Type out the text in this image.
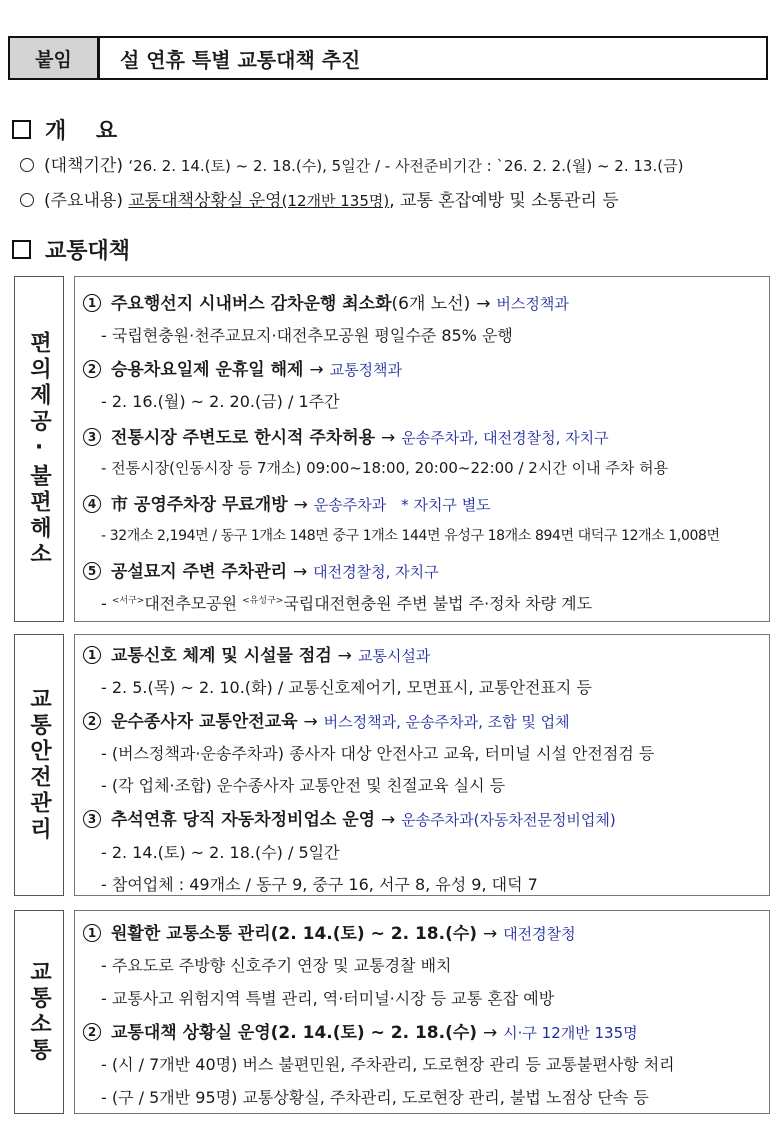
붙임	설 연휴 특별 교통대책 추진
개　 요
(대책기간) ‘26. 2. 14.(토) ~ 2. 18.(수), 5일간 / - 사전준비기간 : `26. 2. 2.(월) ~ 2. 13.(금)
(주요내용) 교통대책상황실 운영(12개반 135명), 교통 혼잡예방 및 소통관리 등
교통대책
편의제공·불편해소
1 주요행선지 시내버스 감차운행 최소화(6개 노선) → 버스정책과
- 국립현충원·천주교묘지·대전추모공원 평일수준 85% 운행
2 승용차요일제 운휴일 해제 → 교통정책과
- 2. 16.(월) ~ 2. 20.(금) / 1주간
3 전통시장 주변도로 한시적 주차허용 → 운송주차과, 대전경찰청, 자치구
- 전통시장(인동시장 등 7개소) 09:00~18:00, 20:00~22:00 / 2시간 이내 주차 허용
4 市 공영주차장 무료개방 → 운송주차과　* 자치구 별도
- 32개소 2,194면 / 동구 1개소 148면 중구 1개소 144면 유성구 18개소 894면 대덕구 12개소 1,008면
5 공설묘지 주변 주차관리 → 대전경찰청, 자치구
- $^{<서구>}$대전추모공원 $^{<유성구>}$국립대전현충원 주변 불법 주·정차 차량 계도
교통안전관리
1 교통신호 체계 및 시설물 점검 → 교통시설과
- 2. 5.(목) ~ 2. 10.(화) / 교통신호제어기, 모면표시, 교통안전표지 등
2 운수종사자 교통안전교육 → 버스정책과, 운송주차과, 조합 및 업체
- (버스정책과·운송주차과) 종사자 대상 안전사고 교육, 터미널 시설 안전점검 등
- (각 업체·조합) 운수종사자 교통안전 및 친절교육 실시 등
3 추석연휴 당직 자동차정비업소 운영 → 운송주차과(자동차전문정비업체)
- 2. 14.(토) ~ 2. 18.(수) / 5일간
- 참여업체 : 49개소 / 동구 9, 중구 16, 서구 8, 유성 9, 대덕 7
교통소통
1 원활한 교통소통 관리(2. 14.(토) ~ 2. 18.(수) → 대전경찰청
- 주요도로 주방향 신호주기 연장 및 교통경찰 배치
- 교통사고 위험지역 특별 관리, 역·터미널·시장 등 교통 혼잡 예방
2 교통대책 상황실 운영(2. 14.(토) ~ 2. 18.(수) → 시·구 12개반 135명
- (시 / 7개반 40명) 버스 불편민원, 주차관리, 도로현장 관리 등 교통불편사항 처리
- (구 / 5개반 95명) 교통상황실, 주차관리, 도로현장 관리, 불법 노점상 단속 등
